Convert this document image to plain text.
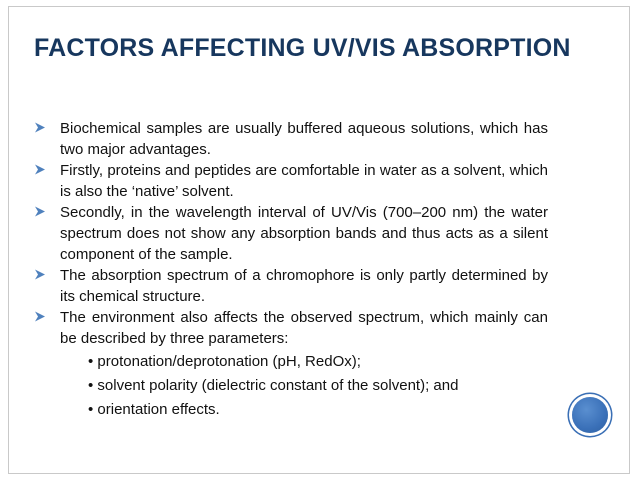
FACTORS AFFECTING UV/VIS ABSORPTION
Biochemical samples are usually buffered aqueous solutions, which has two major advantages.
Firstly, proteins and peptides are comfortable in water as a solvent, which is also the ‘native’ solvent.
Secondly, in the wavelength interval of UV/Vis (700–200 nm) the water spectrum does not show any absorption bands and thus acts as a silent component of the sample.
The absorption spectrum of a chromophore is only partly determined by its chemical structure.
The environment also affects the observed spectrum, which mainly can be described by three parameters:
• protonation/deprotonation (pH, RedOx);
• solvent polarity (dielectric constant of the solvent); and
• orientation effects.
